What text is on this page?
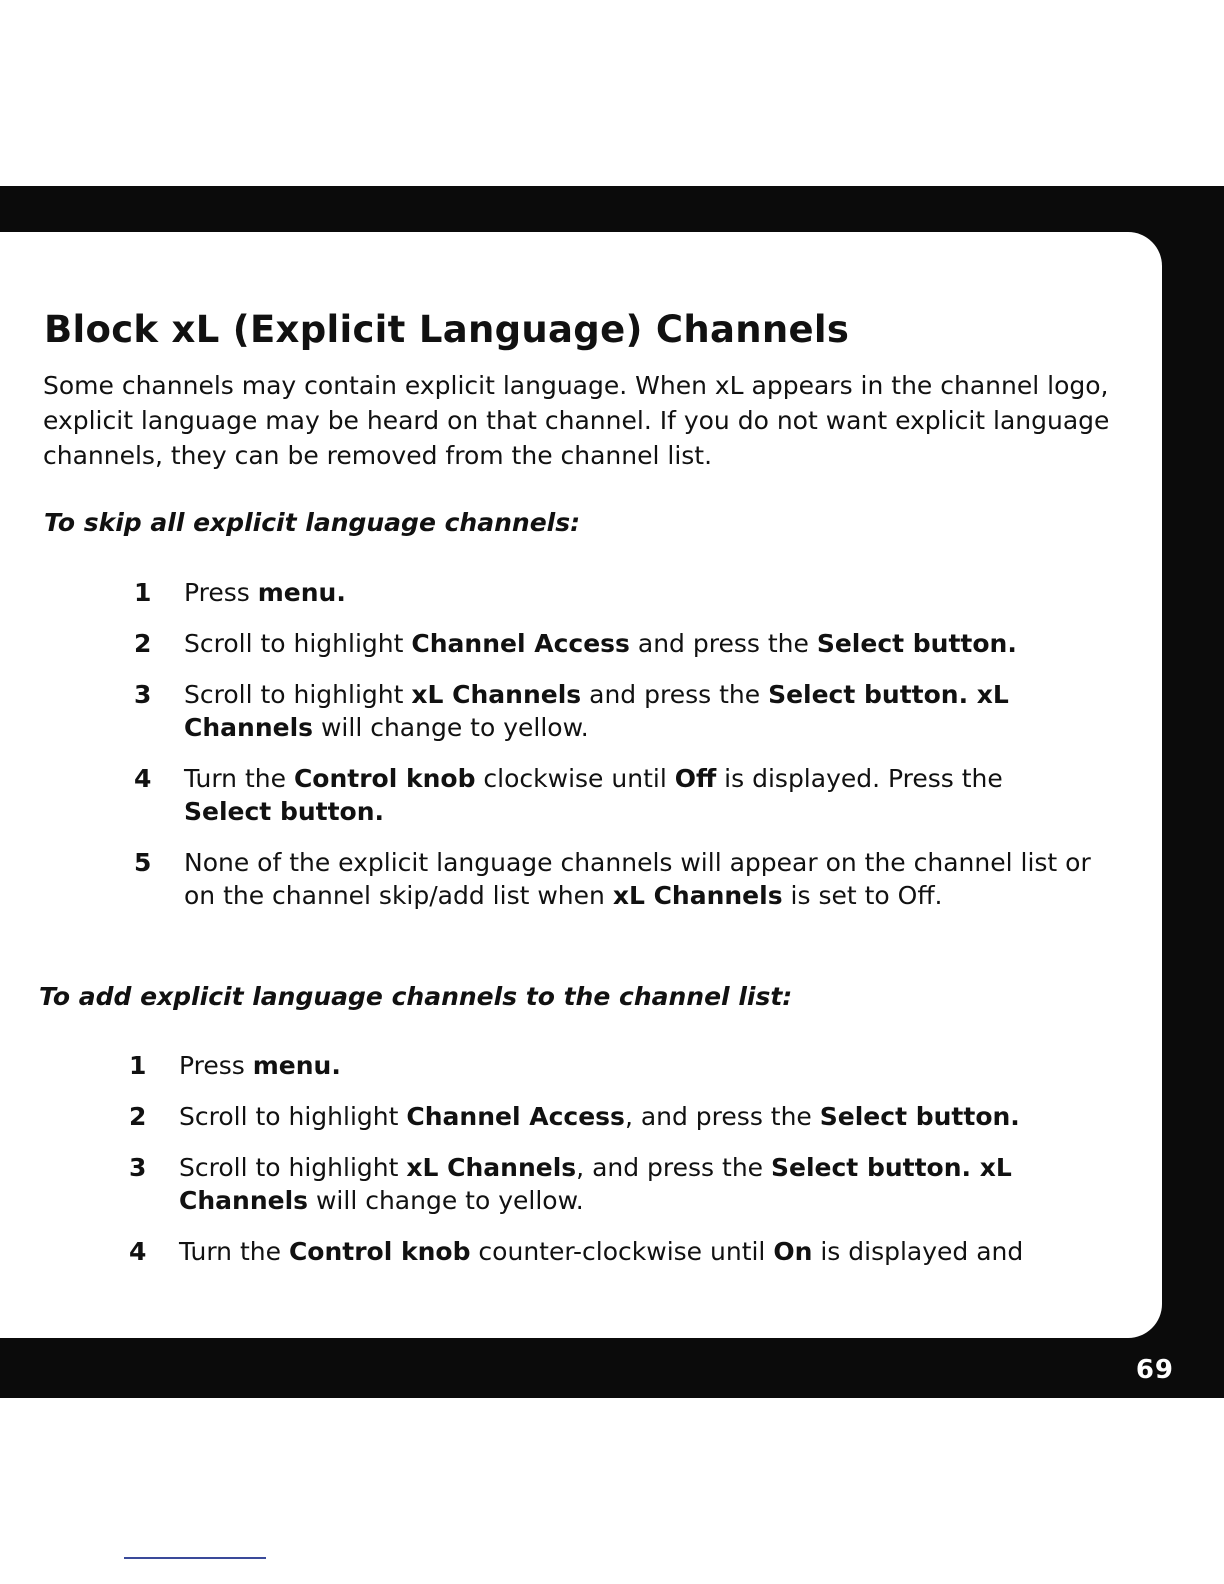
Block xL (Explicit Language) Channels

Some channels may contain explicit language. When xL appears in the channel logo, explicit language may be heard on that channel. If you do not want explicit language channels, they can be removed from the channel list.

To skip all explicit language channels:
1	Press menu.
2	Scroll to highlight Channel Access and press the Select button.
3	Scroll to highlight xL Channels and press the Select button. xL Channels will change to yellow.
4	Turn the Control knob clockwise until Off is displayed. Press the Select button.
5	None of the explicit language channels will appear on the channel list or on the channel skip/add list when xL Channels is set to Off.
To add explicit language channels to the channel list:
1	Press menu.
2	Scroll to highlight Channel Access, and press the Select button.
3	Scroll to highlight xL Channels, and press the Select button. xL Channels will change to yellow.
4	Turn the Control knob counter-clockwise until On is displayed and
69
